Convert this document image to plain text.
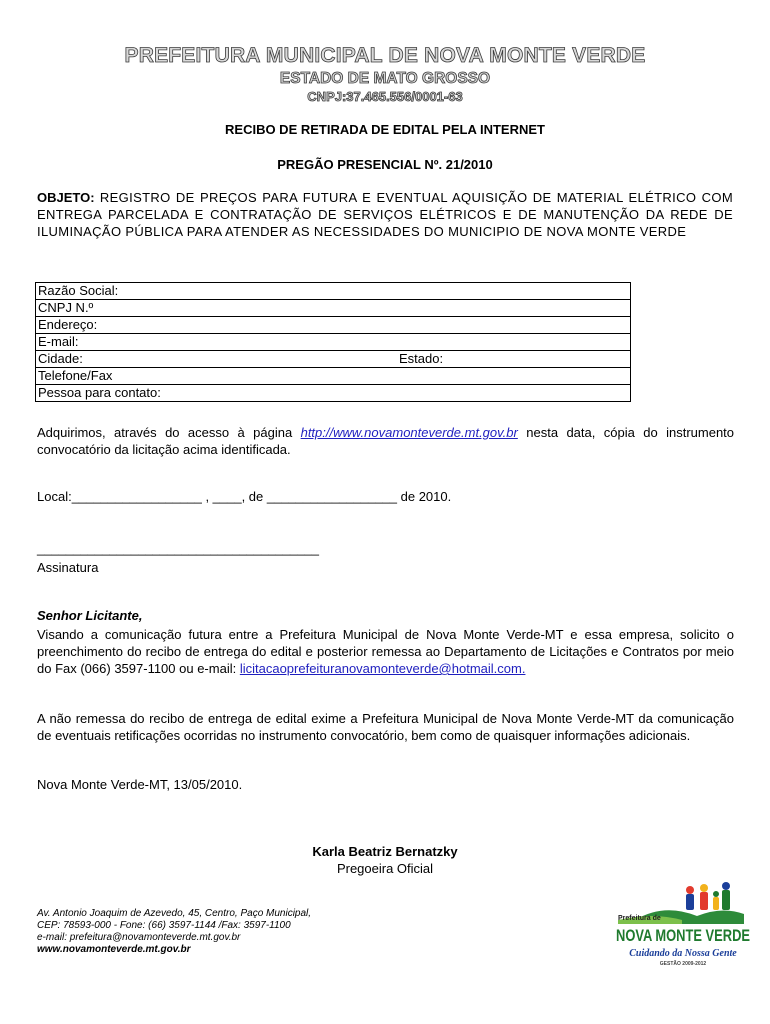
PREFEITURA MUNICIPAL DE NOVA MONTE VERDE
ESTADO DE MATO GROSSO
CNPJ:37.465.556/0001-63
RECIBO DE RETIRADA DE EDITAL PELA INTERNET
PREGÃO PRESENCIAL Nº. 21/2010
OBJETO: REGISTRO DE PREÇOS PARA FUTURA E EVENTUAL AQUISIÇÃO DE MATERIAL ELÉTRICO COM ENTREGA PARCELADA E CONTRATAÇÃO DE SERVIÇOS ELÉTRICOS E DE MANUTENÇÃO DA REDE DE ILUMINAÇÃO PÚBLICA PARA ATENDER AS NECESSIDADES DO MUNICIPIO DE NOVA MONTE VERDE
Razão Social:
CNPJ N.º
Endereço:
E-mail:
Cidade:	Estado:

Telefone/Fax
Pessoa para contato:
Adquirimos, através do acesso à página http://www.novamonteverde.mt.gov.br nesta data, cópia do instrumento convocatório da licitação acima identificada.
Local:__________________ , ____, de __________________ de 2010.
_______________________________________
Assinatura
Senhor Licitante,
Visando a comunicação futura entre a Prefeitura Municipal de Nova Monte Verde-MT e essa empresa, solicito o preenchimento do recibo de entrega do edital e posterior remessa ao Departamento de Licitações e Contratos por meio do Fax (066) 3597-1100 ou e-mail: licitacaoprefeituranovamonteverde@hotmail.com.
A não remessa do recibo de entrega de edital exime a Prefeitura Municipal de Nova Monte Verde-MT da comunicação de eventuais retificações ocorridas no instrumento convocatório, bem como de quaisquer informações adicionais.
Nova Monte Verde-MT, 13/05/2010.
Karla Beatriz Bernatzky
Pregoeira Oficial
Av. Antonio Joaquim de Azevedo, 45, Centro, Paço Municipal,
CEP: 78593-000 - Fone: (66) 3597-1144 /Fax: 3597-1100
e-mail: prefeitura@novamonteverde.mt.gov.br
www.novamonteverde.mt.gov.br
Prefeitura de
NOVA MONTE VERDE
Cuidando da Nossa Gente
GESTÃO 2009-2012
